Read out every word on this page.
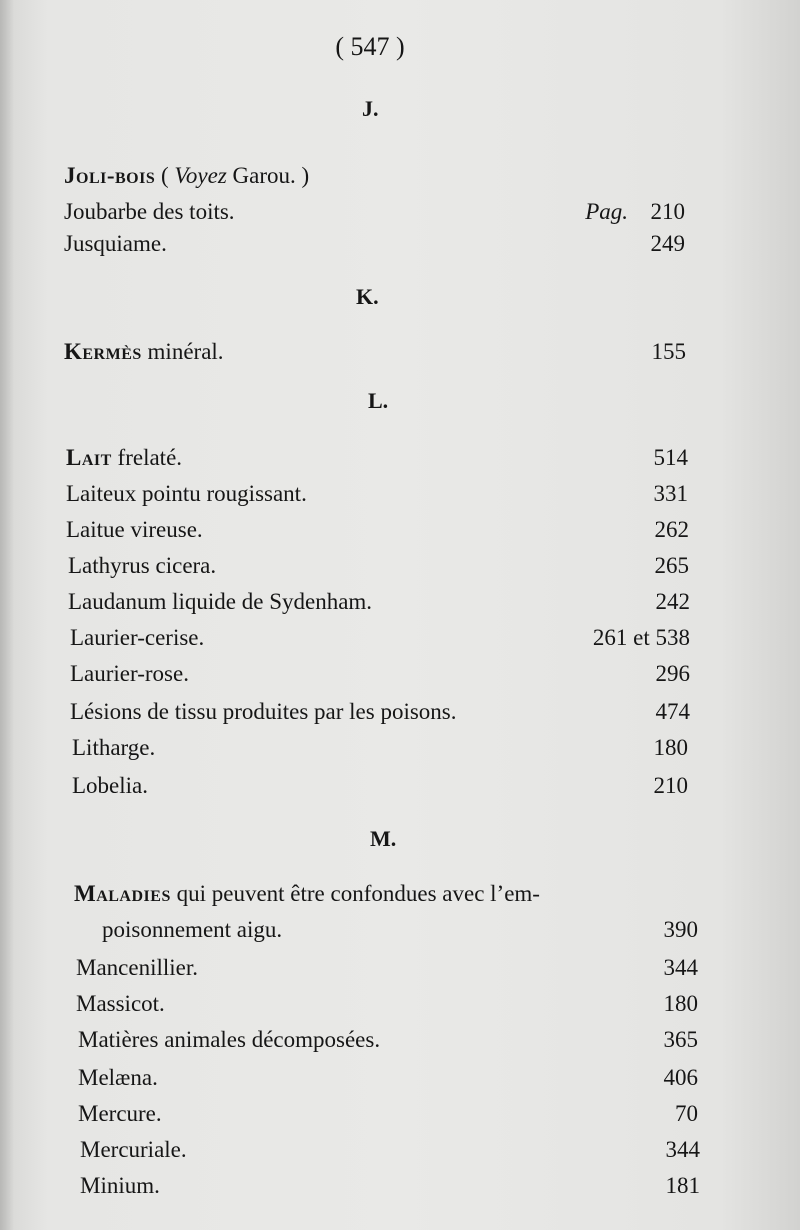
( 547 )
J.
Joli-bois ( Voyez Garou. )
Joubarbe des toits.	Pag. 210
Jusquiame.	249
K.
Kermès minéral.	155
L.
Lait frelaté.	514
Laiteux pointu rougissant.	331
Laitue vireuse.	262
Lathyrus cicera.	265
Laudanum liquide de Sydenham.	242
Laurier-cerise.	261 et 538
Laurier-rose.	296
Lésions de tissu produites par les poisons.	474
Litharge.	180
Lobelia.	210
M.
Maladies qui peuvent être confondues avec l’em-
poisonnement aigu.	390
Mancenillier.	344
Massicot.	180
Matières animales décomposées.	365
Melæna.	406
Mercure.	70
Mercuriale.	344
Minium.	181
